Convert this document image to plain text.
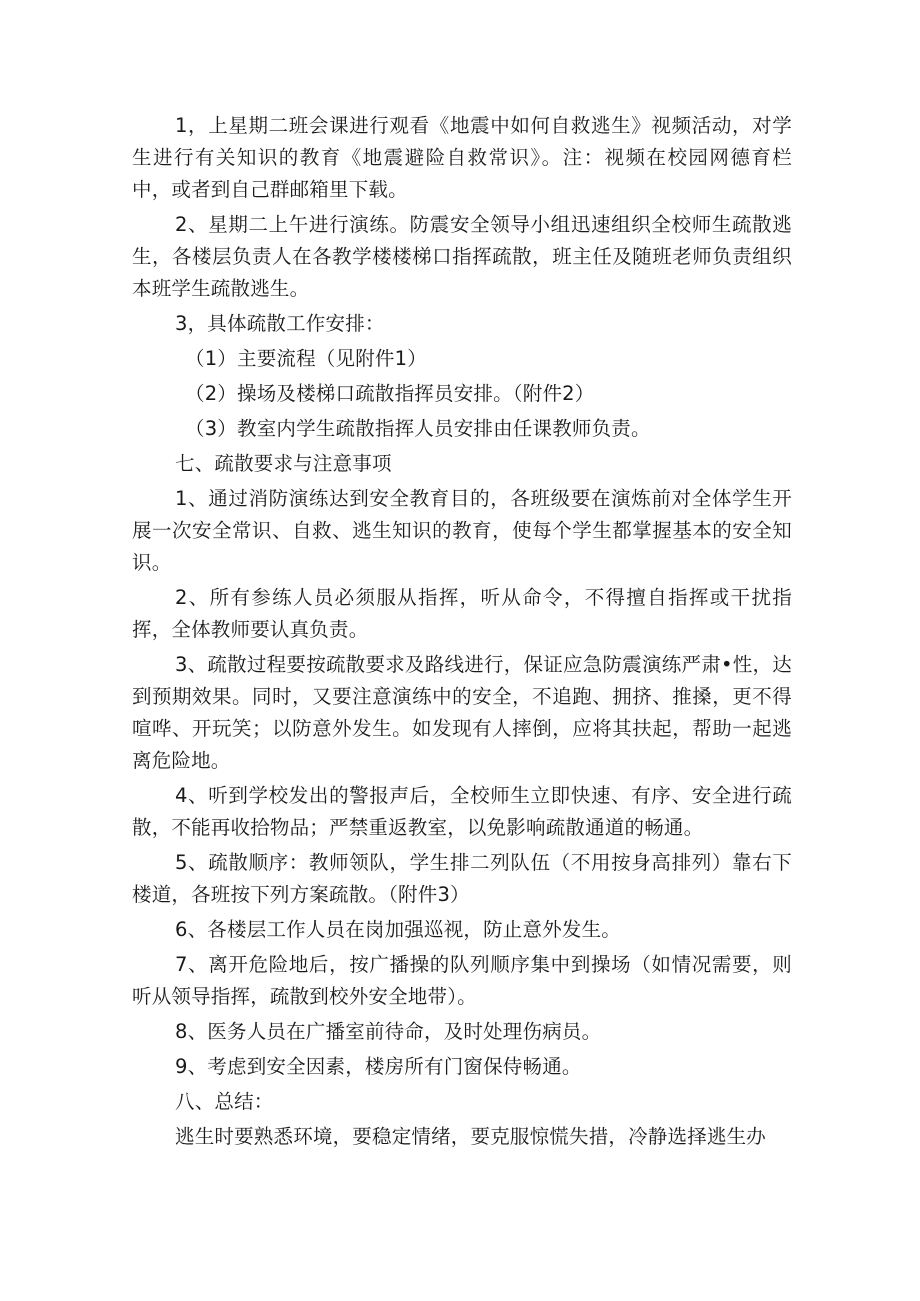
1，上星期二班会课进行观看《地震中如何自救逃生》视频活动，对学生进行有关知识的教育《地震避险自救常识》。注：视频在校园网德育栏中，或者到自己群邮箱里下载。

2、星期二上午进行演练。防震安全领导小组迅速组织全校师生疏散逃生，各楼层负责人在各教学楼楼梯口指挥疏散，班主任及随班老师负责组织本班学生疏散逃生。

3，具体疏散工作安排：

（1）主要流程（见附件1）

（2）操场及楼梯口疏散指挥员安排。（附件2）

（3）教室内学生疏散指挥人员安排由任课教师负责。

七、疏散要求与注意事项

1、通过消防演练达到安全教育目的，各班级要在演炼前对全体学生开展一次安全常识、自救、逃生知识的教育，使每个学生都掌握基本的安全知识。

2、所有参练人员必须服从指挥，听从命令，不得擅自指挥或干扰指挥，全体教师要认真负责。

3、疏散过程要按疏散要求及路线进行，保证应急防震演练严肃•性，达到预期效果。同时，又要注意演练中的安全，不追跑、拥挤、推搡，更不得喧哗、开玩笑；以防意外发生。如发现有人摔倒，应将其扶起，帮助一起逃离危险地。

4、听到学校发出的警报声后，全校师生立即快速、有序、安全进行疏散，不能再收拾物品；严禁重返教室，以免影响疏散通道的畅通。

5、疏散顺序：教师领队，学生排二列队伍（不用按身高排列）靠右下楼道，各班按下列方案疏散。（附件3）

6、各楼层工作人员在岗加强巡视，防止意外发生。

7、离开危险地后，按广播操的队列顺序集中到操场（如情况需要，则听从领导指挥，疏散到校外安全地带）。

8、医务人员在广播室前待命，及时处理伤病员。

9、考虑到安全因素，楼房所有门窗保侍畅通。

八、总结：

逃生时要熟悉环境，要稳定情绪，要克服惊慌失措，冷静选择逃生办
